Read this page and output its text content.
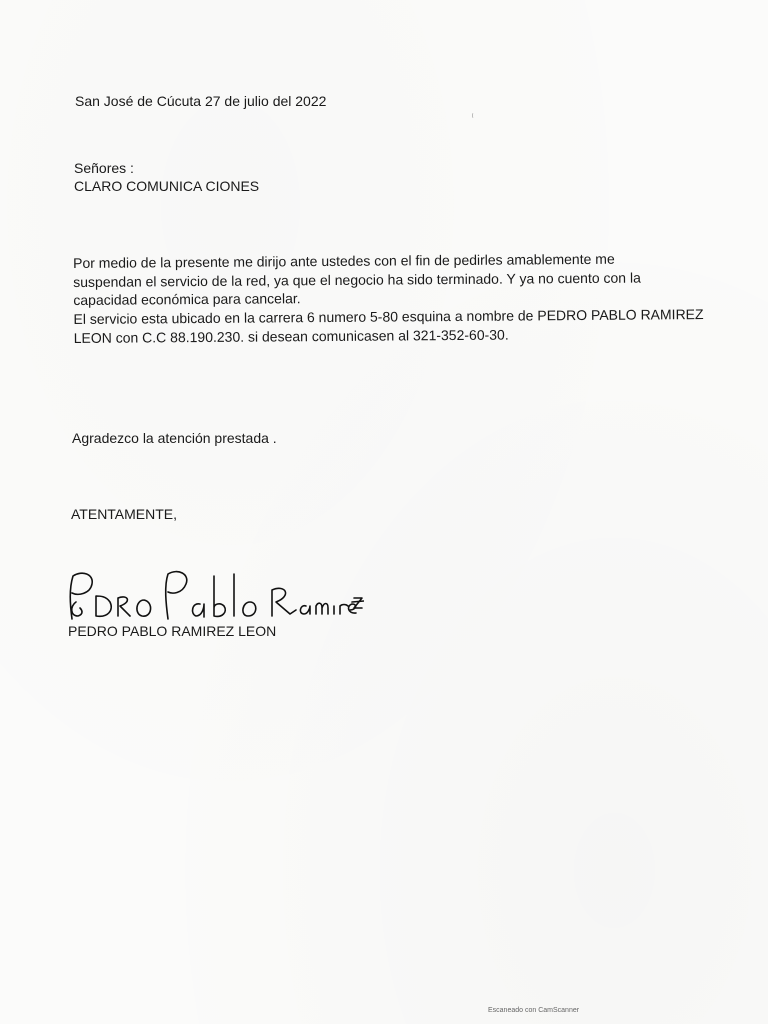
San José de Cúcuta 27 de julio del 2022
Señores :
CLARO COMUNICA CIONES
Por medio de la presente me dirijo ante ustedes con el fin de pedirles amablemente me
suspendan el servicio de la red, ya que el negocio ha sido terminado. Y ya no cuento con la
capacidad económica para cancelar.
El servicio esta ubicado en la carrera 6 numero 5-80 esquina a nombre de PEDRO PABLO RAMIREZ
LEON con C.C 88.190.230. si desean comunicasen al 321-352-60-30.
Agradezco la atención prestada .
ATENTAMENTE,
PEDRO PABLO RAMIREZ LEON
Escaneado con CamScanner
